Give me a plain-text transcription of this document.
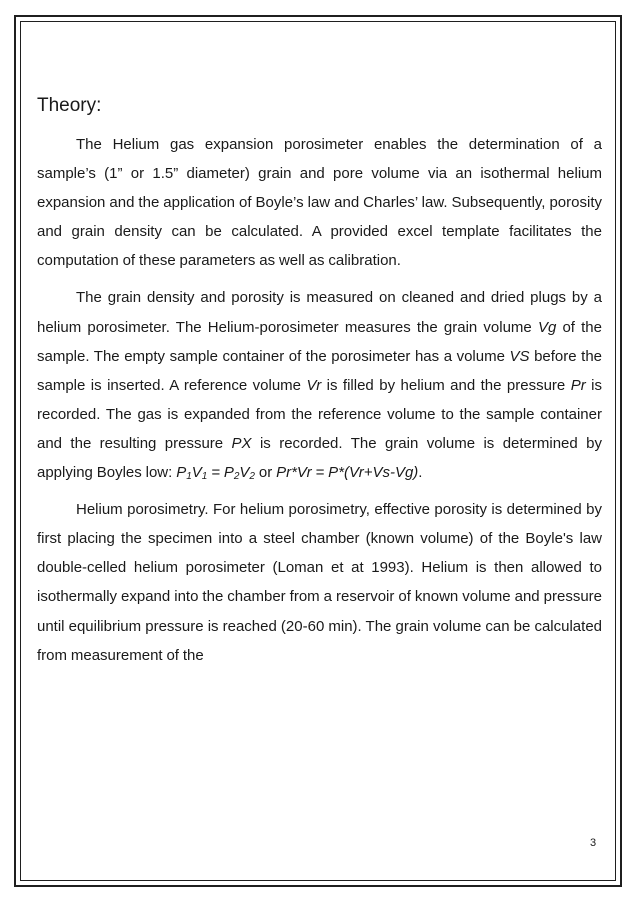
Theory:

The Helium gas expansion porosimeter enables the determination of a sample’s (1” or 1.5” diameter) grain and pore volume via an isothermal helium expansion and the application of Boyle’s law and Charles’ law. Subsequently, porosity and grain density can be calculated. A provided excel template facilitates the computation of these parameters as well as calibration.

The grain density and porosity is measured on cleaned and dried plugs by a helium porosimeter. The Helium-porosimeter measures the grain volume Vg of the sample. The empty sample container of the porosimeter has a volume VS before the sample is inserted. A reference volume Vr is filled by helium and the pressure Pr is recorded. The gas is expanded from the reference volume to the sample container and the resulting pressure PX is recorded. The grain volume is determined by applying Boyles low: $P_1V_1 = P_2V_2$ or Pr*Vr = P*(Vr+Vs-Vg).

Helium porosimetry. For helium porosimetry, effective porosity is determined by first placing the specimen into a steel chamber (known volume) of the Boyle's law double-celled helium porosimeter (Loman et at 1993). Helium is then allowed to isothermally expand into the chamber from a reservoir of known volume and pressure until equilibrium pressure is reached (20-60 min). The grain volume can be calculated from measurement of the

3
